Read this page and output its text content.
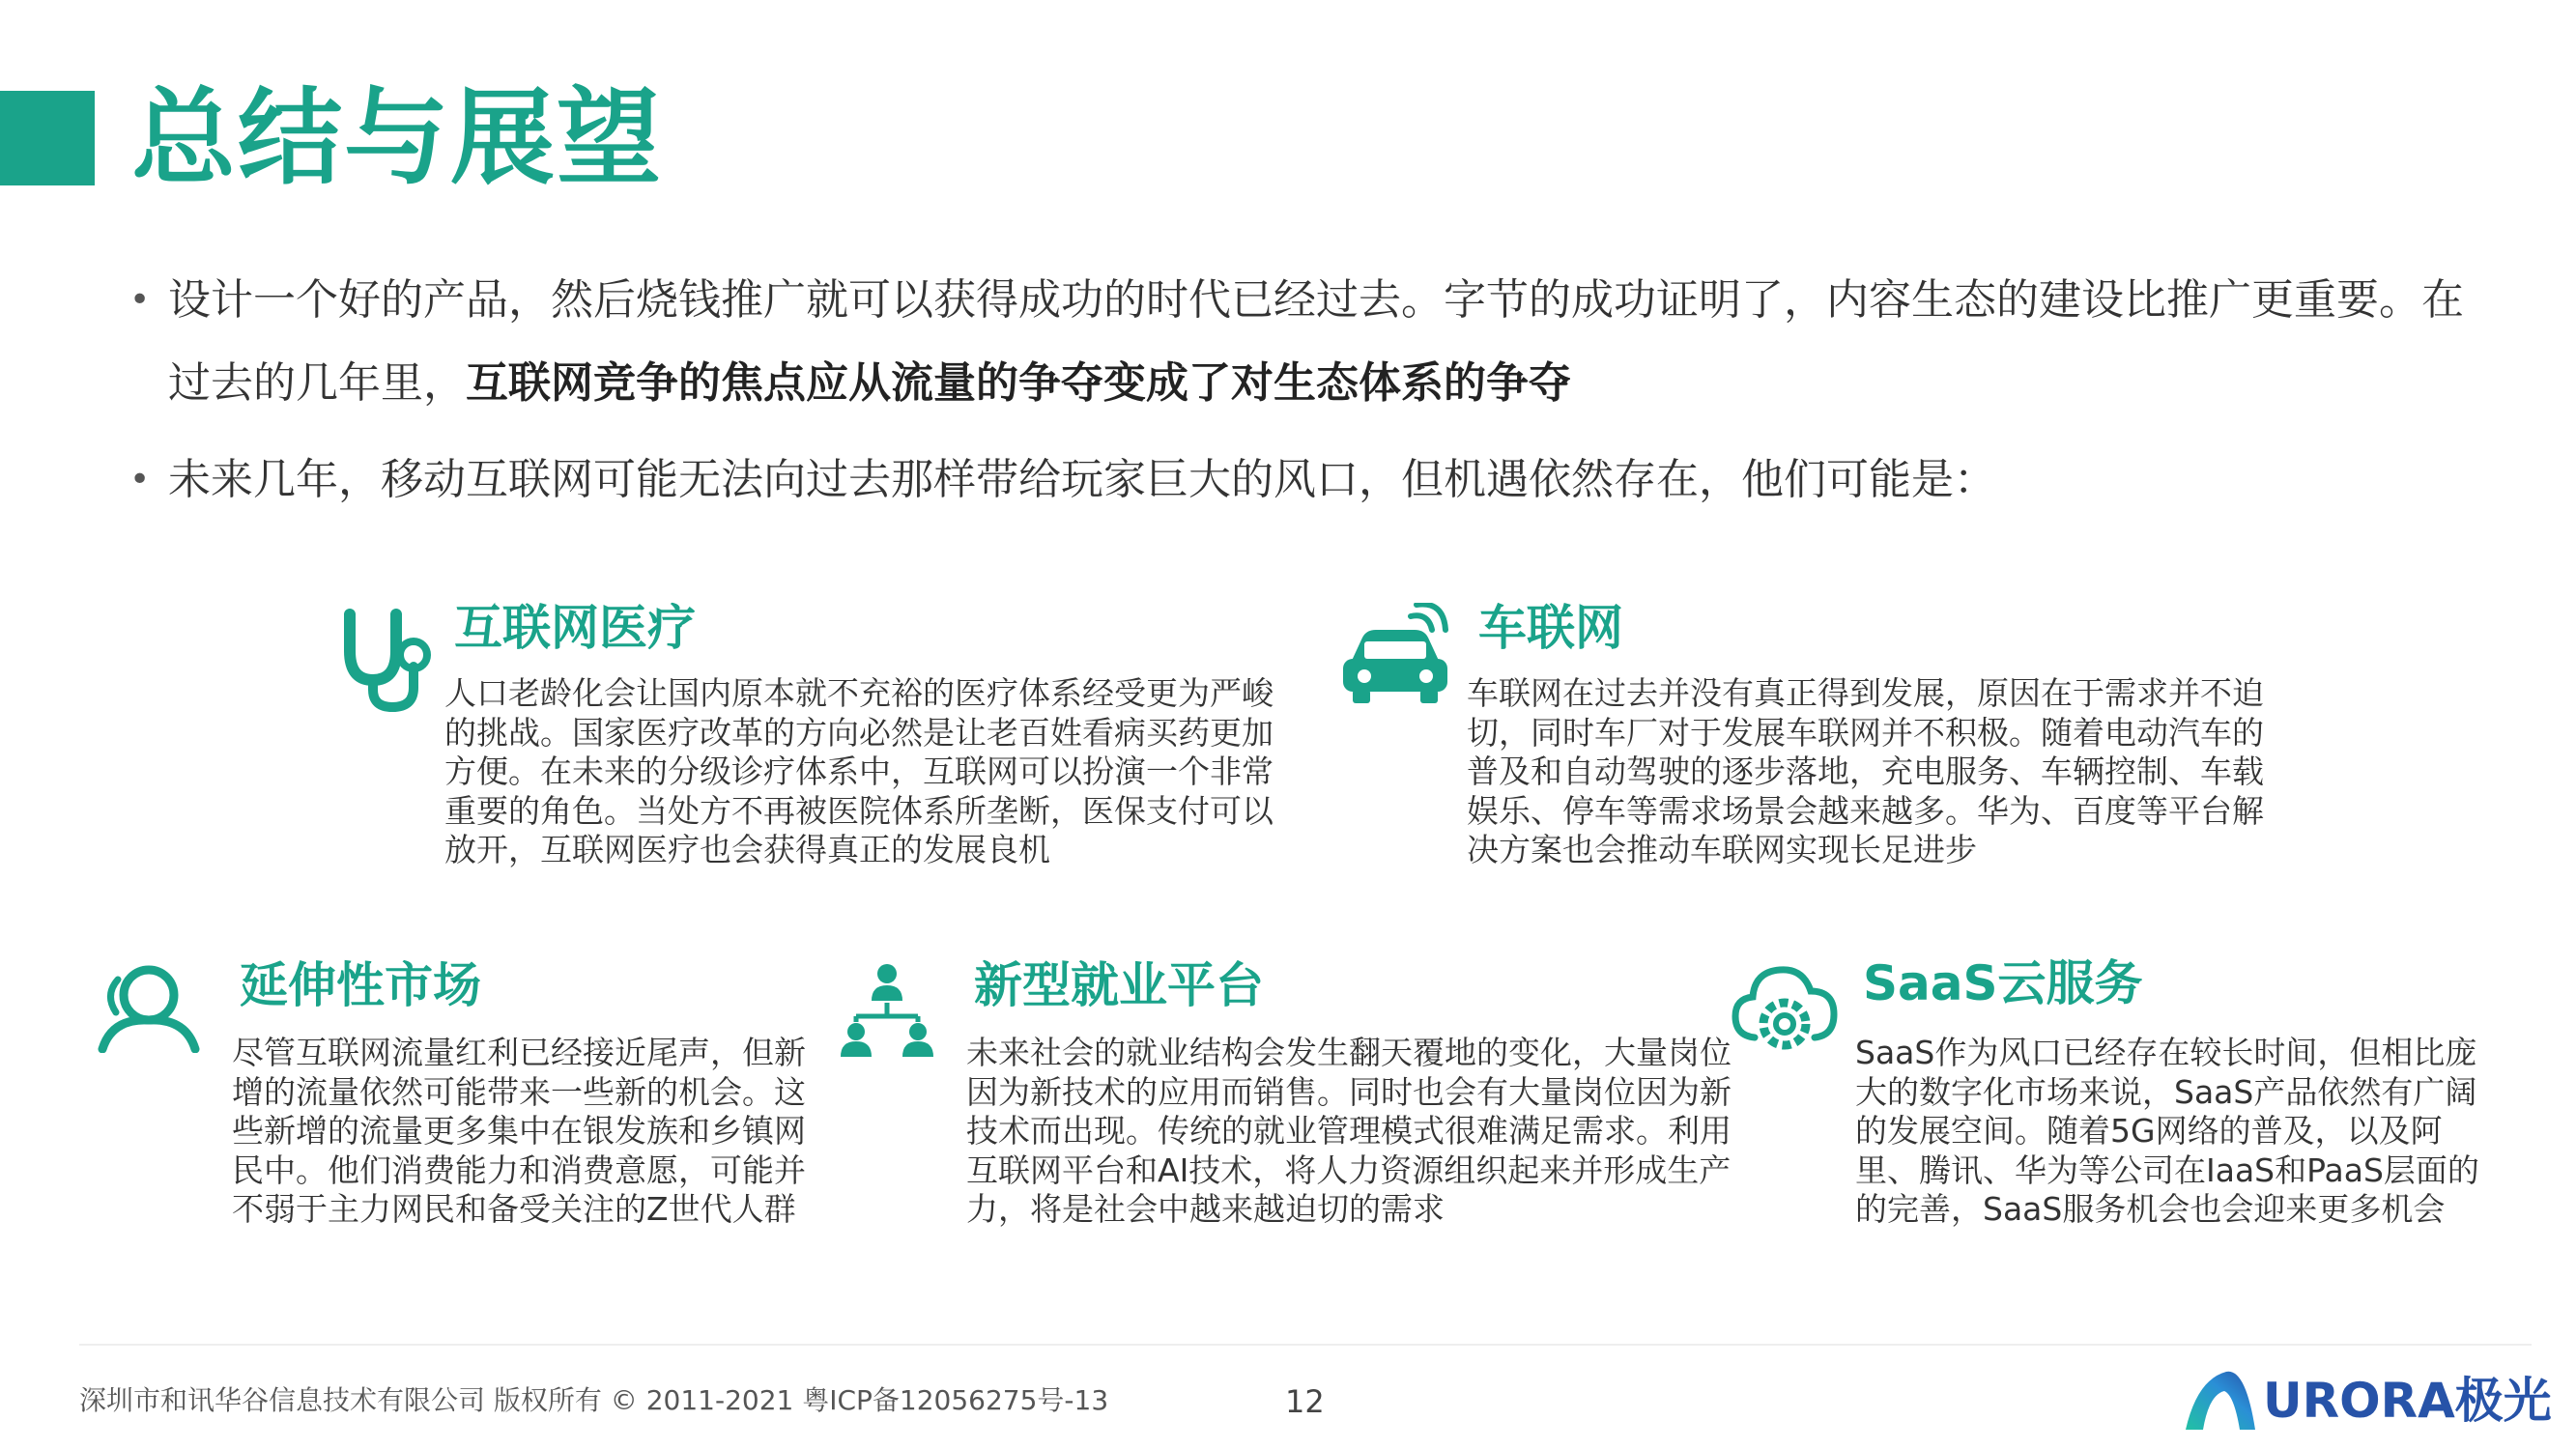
总结与展望
• 设计一个好的产品，然后烧钱推广就可以获得成功的时代已经过去。字节的成功证明了，内容生态的建设比推广更重要。在过去的几年里，互联网竞争的焦点应从流量的争夺变成了对生态体系的争夺
• 未来几年，移动互联网可能无法向过去那样带给玩家巨大的风口，但机遇依然存在，他们可能是：
互联网医疗

人口老龄化会让国内原本就不充裕的医疗体系经受更为严峻的挑战。国家医疗改革的方向必然是让老百姓看病买药更加方便。在未来的分级诊疗体系中，互联网可以扮演一个非常重要的角色。当处方不再被医院体系所垄断，医保支付可以放开，互联网医疗也会获得真正的发展良机

车联网

车联网在过去并没有真正得到发展，原因在于需求并不迫切，同时车厂对于发展车联网并不积极。随着电动汽车的普及和自动驾驶的逐步落地，充电服务、车辆控制、车载娱乐、停车等需求场景会越来越多。华为、百度等平台解决方案也会推动车联网实现长足进步

延伸性市场

尽管互联网流量红利已经接近尾声，但新增的流量依然可能带来一些新的机会。这些新增的流量更多集中在银发族和乡镇网民中。他们消费能力和消费意愿，可能并不弱于主力网民和备受关注的Z世代人群

新型就业平台

未来社会的就业结构会发生翻天覆地的变化，大量岗位因为新技术的应用而销售。同时也会有大量岗位因为新技术而出现。传统的就业管理模式很难满足需求。利用互联网平台和AI技术，将人力资源组织起来并形成生产力，将是社会中越来越迫切的需求

SaaS云服务

SaaS作为风口已经存在较长时间，但相比庞大的数字化市场来说，SaaS产品依然有广阔的发展空间。随着5G网络的普及，以及阿里、腾讯、华为等公司在IaaS和PaaS层面的的完善，SaaS服务机会也会迎来更多机会

深圳市和讯华谷信息技术有限公司 版权所有 © 2011-2021 粤ICP备12056275号-13	12	URORA极光
